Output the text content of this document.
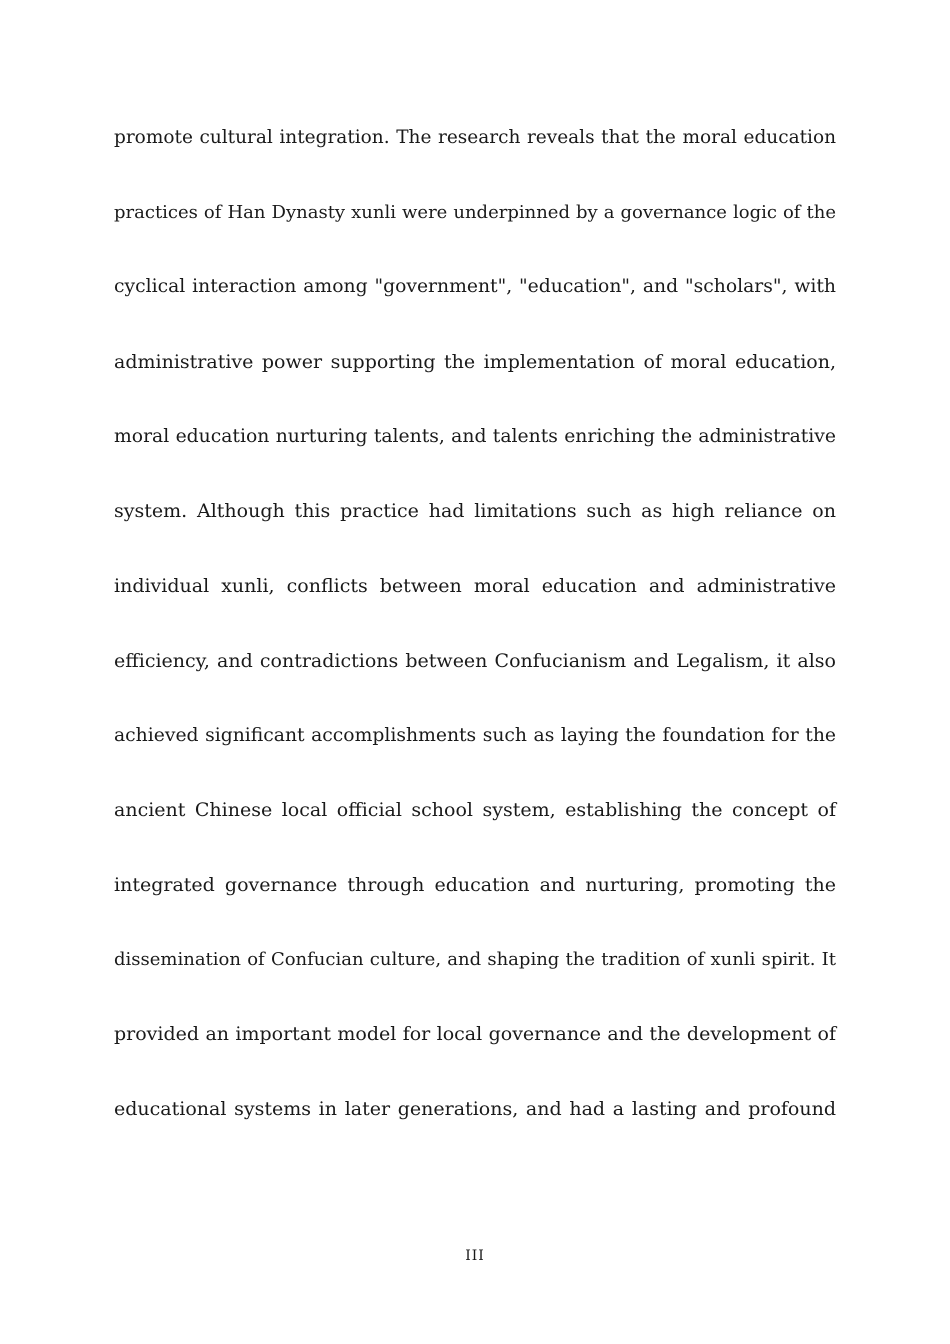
promote cultural integration. The research reveals that the moral education
practices of Han Dynasty xunli were underpinned by a governance logic of the
cyclical interaction among "government", "education", and "scholars", with
administrative power supporting the implementation of moral education,
moral education nurturing talents, and talents enriching the administrative
system. Although this practice had limitations such as high reliance on
individual xunli, conflicts between moral education and administrative
efficiency, and contradictions between Confucianism and Legalism, it also
achieved significant accomplishments such as laying the foundation for the
ancient Chinese local official school system, establishing the concept of
integrated governance through education and nurturing, promoting the
dissemination of Confucian culture, and shaping the tradition of xunli spirit. It
provided an important model for local governance and the development of
educational systems in later generations, and had a lasting and profound
III
